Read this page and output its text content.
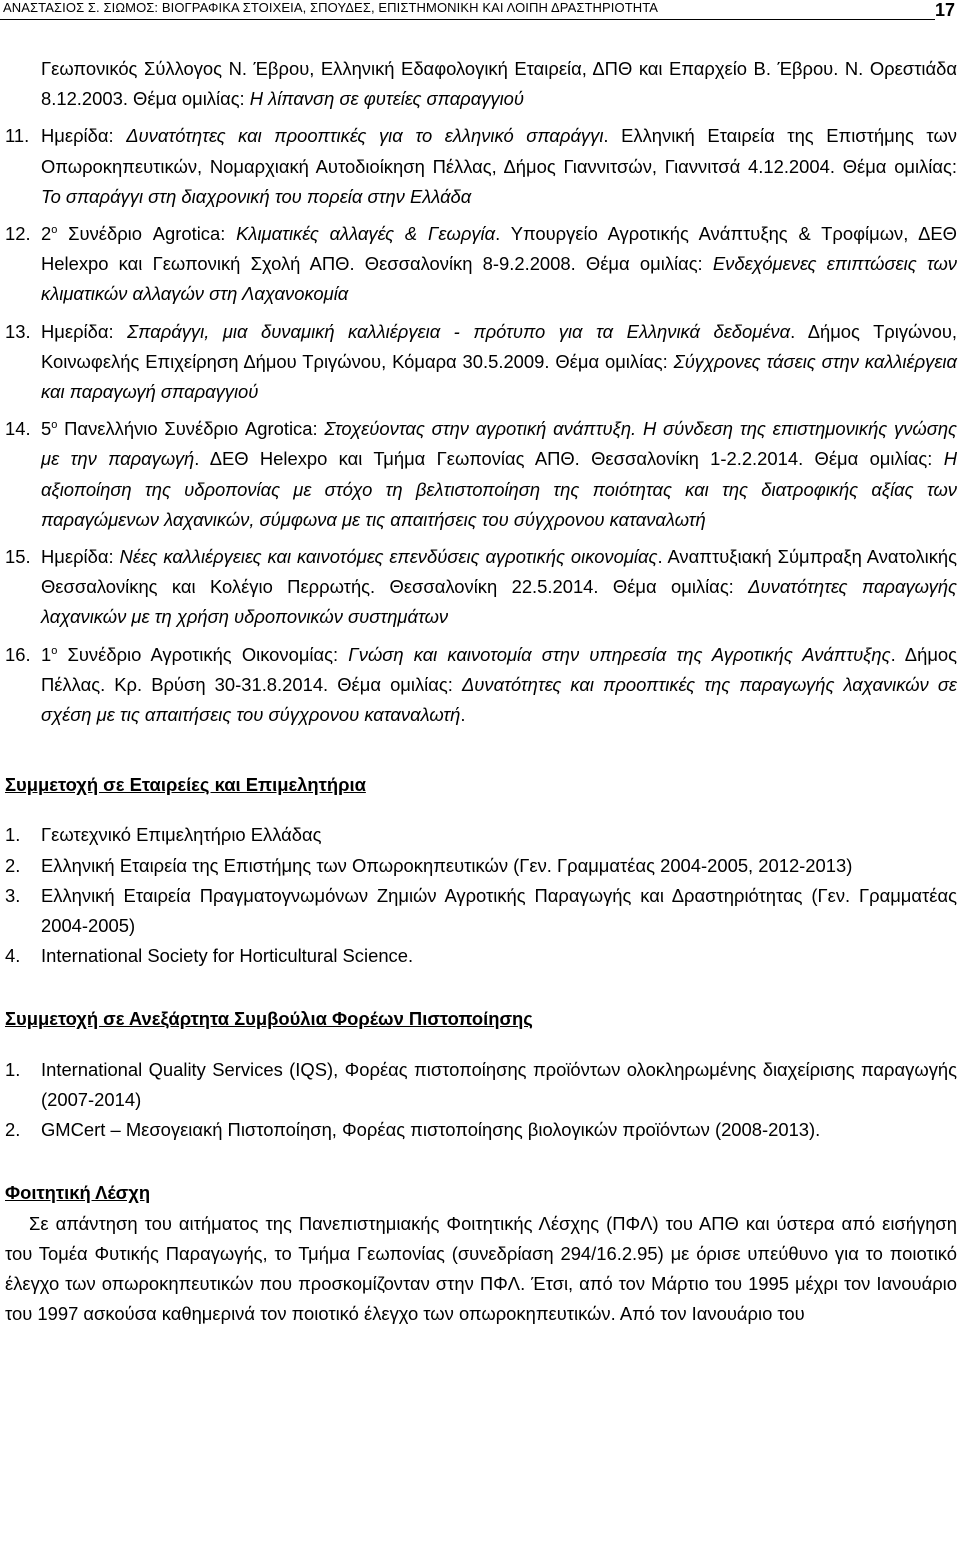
ΑΝΑΣΤΑΣΙΟΣ Σ. ΣΙΩΜΟΣ: ΒΙΟΓΡΑΦΙΚΑ ΣΤΟΙΧΕΙΑ, ΣΠΟΥΔΕΣ, ΕΠΙΣΤΗΜΟΝΙΚΗ ΚΑΙ ΛΟΙΠΗ ΔΡΑΣΤΗΡΙΟΤΗΤΑ	17
Γεωπονικός Σύλλογος Ν. Έβρου, Ελληνική Εδαφολογική Εταιρεία, ΔΠΘ και Επαρχείο Β. Έβρου. Ν. Ορεστιάδα 8.12.2003. Θέμα ομιλίας: Η λίπανση σε φυτείες σπαραγγιού
11. Ημερίδα: Δυνατότητες και προοπτικές για το ελληνικό σπαράγγι. Ελληνική Εταιρεία της Επιστήμης των Οπωροκηπευτικών, Νομαρχιακή Αυτοδιοίκηση Πέλλας, Δήμος Γιαννιτσών, Γιαννιτσά 4.12.2004. Θέμα ομιλίας: Το σπαράγγι στη διαχρονική του πορεία στην Ελλάδα
12. $2^o$ Συνέδριο Agrotica: Κλιματικές αλλαγές & Γεωργία. Υπουργείο Αγροτικής Ανάπτυξης & Τροφίμων, ΔΕΘ Helexpo και Γεωπονική Σχολή ΑΠΘ. Θεσσαλονίκη 8-9.2.2008. Θέμα ομιλίας: Ενδεχόμενες επιπτώσεις των κλιματικών αλλαγών στη Λαχανοκομία
13. Ημερίδα: Σπαράγγι, μια δυναμική καλλιέργεια - πρότυπο για τα Ελληνικά δεδομένα. Δήμος Τριγώνου, Κοινωφελής Επιχείρηση Δήμου Τριγώνου, Κόμαρα 30.5.2009. Θέμα ομιλίας: Σύγχρονες τάσεις στην καλλιέργεια και παραγωγή σπαραγγιού
14. $5^o$ Πανελλήνιο Συνέδριο Agrotica: Στοχεύοντας στην αγροτική ανάπτυξη. Η σύνδεση της επιστημονικής γνώσης με την παραγωγή. ΔΕΘ Helexpo και Τμήμα Γεωπονίας ΑΠΘ. Θεσσαλονίκη 1-2.2.2014. Θέμα ομιλίας: Η αξιοποίηση της υδροπονίας με στόχο τη βελτιστοποίηση της ποιότητας και της διατροφικής αξίας των παραγώμενων λαχανικών, σύμφωνα με τις απαιτήσεις του σύγχρονου καταναλωτή
15. Ημερίδα: Νέες καλλιέργειες και καινοτόμες επενδύσεις αγροτικής οικονομίας. Αναπτυξιακή Σύμπραξη Ανατολικής Θεσσαλονίκης και Κολέγιο Περρωτής. Θεσσαλονίκη 22.5.2014. Θέμα ομιλίας: Δυνατότητες παραγωγής λαχανικών με τη χρήση υδροπονικών συστημάτων
16. $1^o$ Συνέδριο Αγροτικής Οικονομίας: Γνώση και καινοτομία στην υπηρεσία της Αγροτικής Ανάπτυξης. Δήμος Πέλλας. Κρ. Βρύση 30-31.8.2014. Θέμα ομιλίας: Δυνατότητες και προοπτικές της παραγωγής λαχανικών σε σχέση με τις απαιτήσεις του σύγχρονου καταναλωτή.
Συμμετοχή σε Εταιρείες και Επιμελητήρια
1.	Γεωτεχνικό Επιμελητήριο Ελλάδας
2.	Ελληνική Εταιρεία της Επιστήμης των Οπωροκηπευτικών (Γεν. Γραμματέας 2004-2005, 2012-2013)
3.	Ελληνική Εταιρεία Πραγματογνωμόνων Ζημιών Αγροτικής Παραγωγής και Δραστηριότητας (Γεν. Γραμματέας 2004-2005)
4.	International Society for Horticultural Science.
Συμμετοχή σε Ανεξάρτητα Συμβούλια Φορέων Πιστοποίησης
1.	International Quality Services (IQS), Φορέας πιστοποίησης προϊόντων ολοκληρωμένης διαχείρισης παραγωγής (2007-2014)
2.	GMCert – Μεσογειακή Πιστοποίηση, Φορέας πιστοποίησης βιολογικών προϊόντων (2008-2013).
Φοιτητική Λέσχη
Σε απάντηση του αιτήματος της Πανεπιστημιακής Φοιτητικής Λέσχης (ΠΦΛ) του ΑΠΘ και ύστερα από εισήγηση του Τομέα Φυτικής Παραγωγής, το Τμήμα Γεωπονίας (συνεδρίαση 294/16.2.95) με όρισε υπεύθυνο για το ποιοτικό έλεγχο των οπωροκηπευτικών που προσκομίζονταν στην ΠΦΛ. Έτσι, από τον Μάρτιο του 1995 μέχρι τον Ιανουάριο του 1997 ασκούσα καθημερινά τον ποιοτικό έλεγχο των οπωροκηπευτικών. Από τον Ιανουάριο του
